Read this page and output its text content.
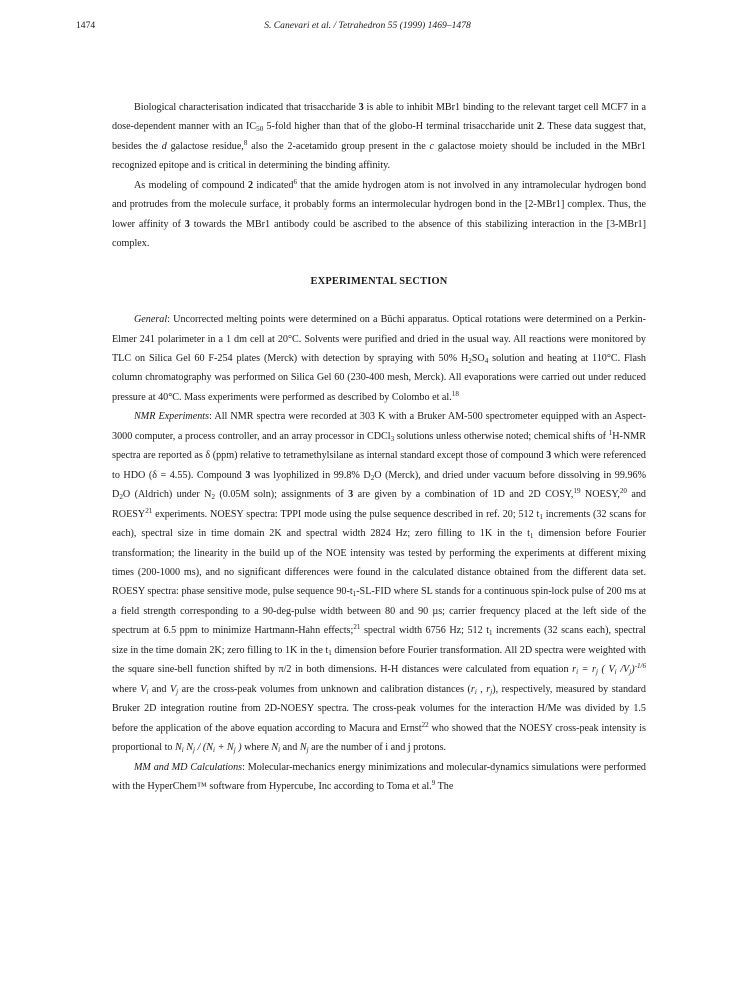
1474	S. Canevari et al. / Tetrahedron 55 (1999) 1469–1478

Biological characterisation indicated that trisaccharide 3 is able to inhibit MBr1 binding to the relevant target cell MCF7 in a dose-dependent manner with an $IC_{50}$ 5-fold higher than that of the globo-H terminal trisaccharide unit 2. These data suggest that, besides the d galactose residue,$^8$ also the 2-acetamido group present in the c galactose moiety should be included in the MBr1 recognized epitope and is critical in determining the binding affinity.

As modeling of compound 2 indicated$^6$ that the amide hydrogen atom is not involved in any intramolecular hydrogen bond and protrudes from the molecule surface, it probably forms an intermolecular hydrogen bond in the [2-MBr1] complex. Thus, the lower affinity of 3 towards the MBr1 antibody could be ascribed to the absence of this stabilizing interaction in the [3-MBr1] complex.

EXPERIMENTAL SECTION

General: Uncorrected melting points were determined on a Büchi apparatus. Optical rotations were determined on a Perkin-Elmer 241 polarimeter in a 1 dm cell at 20°C. Solvents were purified and dried in the usual way. All reactions were monitored by TLC on Silica Gel 60 F-254 plates (Merck) with detection by spraying with 50% $H_2SO_4$ solution and heating at 110°C. Flash column chromatography was performed on Silica Gel 60 (230-400 mesh, Merck). All evaporations were carried out under reduced pressure at 40°C. Mass experiments were performed as described by Colombo et al.$^{18}$

NMR Experiments: All NMR spectra were recorded at 303 K with a Bruker AM-500 spectrometer equipped with an Aspect-3000 computer, a process controller, and an array processor in CDCl$_3$ solutions unless otherwise noted; chemical shifts of $^1$H-NMR spectra are reported as δ (ppm) relative to tetramethylsilane as internal standard except those of compound 3 which were referenced to HDO (δ = 4.55). Compound 3 was lyophilized in 99.8% $D_2O$ (Merck), and dried under vacuum before dissolving in 99.96% $D_2O$ (Aldrich) under $N_2$ (0.05M soln); assignments of 3 are given by a combination of 1D and 2D COSY,$^{19}$ NOESY,$^{20}$ and ROESY$^{21}$ experiments. NOESY spectra: TPPI mode using the pulse sequence described in ref. 20; 512 $t_1$ increments (32 scans for each), spectral size in time domain 2K and spectral width 2824 Hz; zero filling to 1K in the $t_1$ dimension before Fourier transformation; the linearity in the build up of the NOE intensity was tested by performing the experiments at different mixing times (200-1000 ms), and no significant differences were found in the calculated distance obtained from the different data set. ROESY spectra: phase sensitive mode, pulse sequence $90-t_1-SL$-FID where SL stands for a continuous spin-lock pulse of 200 ms at a field strength corresponding to a 90-deg-pulse width between 80 and 90 µs; carrier frequency placed at the left side of the spectrum at 6.5 ppm to minimize Hartmann-Hahn effects;$^{21}$ spectral width 6756 Hz; 512 $t_1$ increments (32 scans each), spectral size in the time domain 2K; zero filling to 1K in the $t_1$ dimension before Fourier transformation. All 2D spectra were weighted with the square sine-bell function shifted by π/2 in both dimensions. H-H distances were calculated from equation $r_i = r_j$ ( $V_i$ $/V_j)^{-1/6}$ where $V_i$ and $V_j$ are the cross-peak volumes from unknown and calibration distances ($r_i$ , $r_j$), respectively, measured by standard Bruker 2D integration routine from 2D-NOESY spectra. The cross-peak volumes for the interaction H/Me was divided by 1.5 before the application of the above equation according to Macura and Ernst$^{22}$ who showed that the NOESY cross-peak intensity is proportional to $N_i$ $N_j / (N_i + N_j$ ) where $N_i$ and $N_j$ are the number of i and j protons.

MM and MD Calculations: Molecular-mechanics energy minimizations and molecular-dynamics simulations were performed with the HyperChem™ software from Hypercube, Inc according to Toma et al.$^9$ The
